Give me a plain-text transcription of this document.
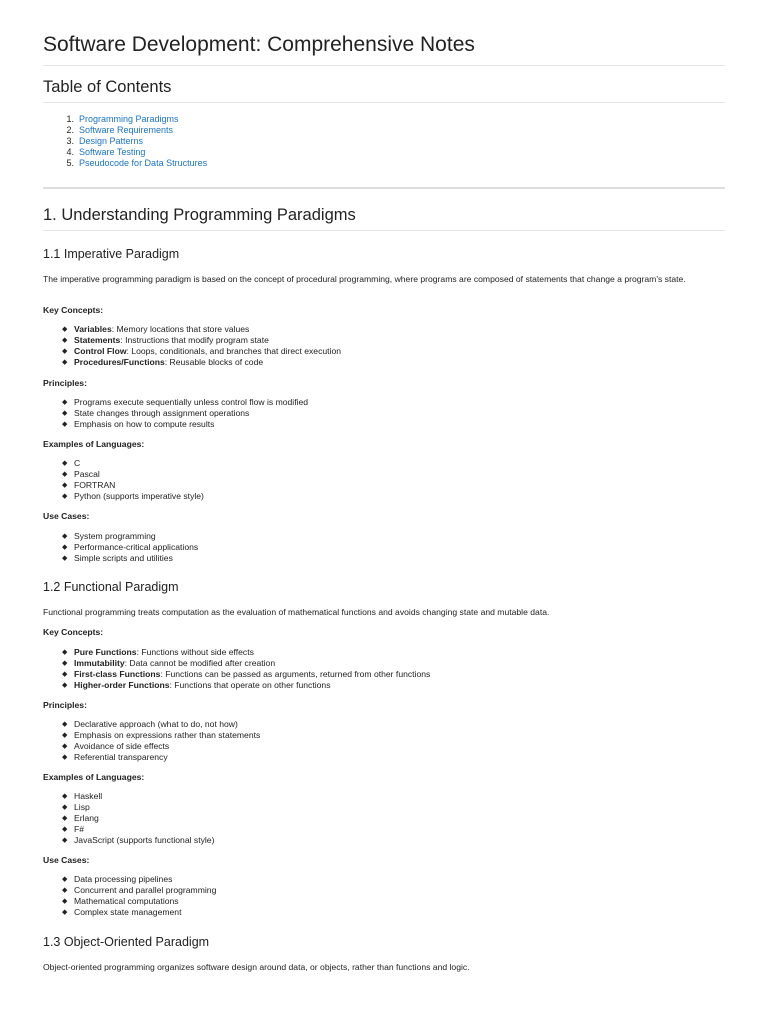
Software Development: Comprehensive Notes
Table of Contents
1. Programming Paradigms
2. Software Requirements
3. Design Patterns
4. Software Testing
5. Pseudocode for Data Structures
1. Understanding Programming Paradigms
1.1 Imperative Paradigm

The imperative programming paradigm is based on the concept of procedural programming, where programs are composed of statements that change a program's state.

Key Concepts:
◆ Variables: Memory locations that store values
◆ Statements: Instructions that modify program state
◆ Control Flow: Loops, conditionals, and branches that direct execution
◆ Procedures/Functions: Reusable blocks of code
Principles:
◆ Programs execute sequentially unless control flow is modified
◆ State changes through assignment operations
◆ Emphasis on how to compute results
Examples of Languages:
◆ C
◆ Pascal
◆ FORTRAN
◆ Python (supports imperative style)
Use Cases:
◆ System programming
◆ Performance-critical applications
◆ Simple scripts and utilities
1.2 Functional Paradigm

Functional programming treats computation as the evaluation of mathematical functions and avoids changing state and mutable data.

Key Concepts:
◆ Pure Functions: Functions without side effects
◆ Immutability: Data cannot be modified after creation
◆ First-class Functions: Functions can be passed as arguments, returned from other functions
◆ Higher-order Functions: Functions that operate on other functions
Principles:
◆ Declarative approach (what to do, not how)
◆ Emphasis on expressions rather than statements
◆ Avoidance of side effects
◆ Referential transparency
Examples of Languages:
◆ Haskell
◆ Lisp
◆ Erlang
◆ F#
◆ JavaScript (supports functional style)
Use Cases:
◆ Data processing pipelines
◆ Concurrent and parallel programming
◆ Mathematical computations
◆ Complex state management
1.3 Object-Oriented Paradigm

Object-oriented programming organizes software design around data, or objects, rather than functions and logic.
